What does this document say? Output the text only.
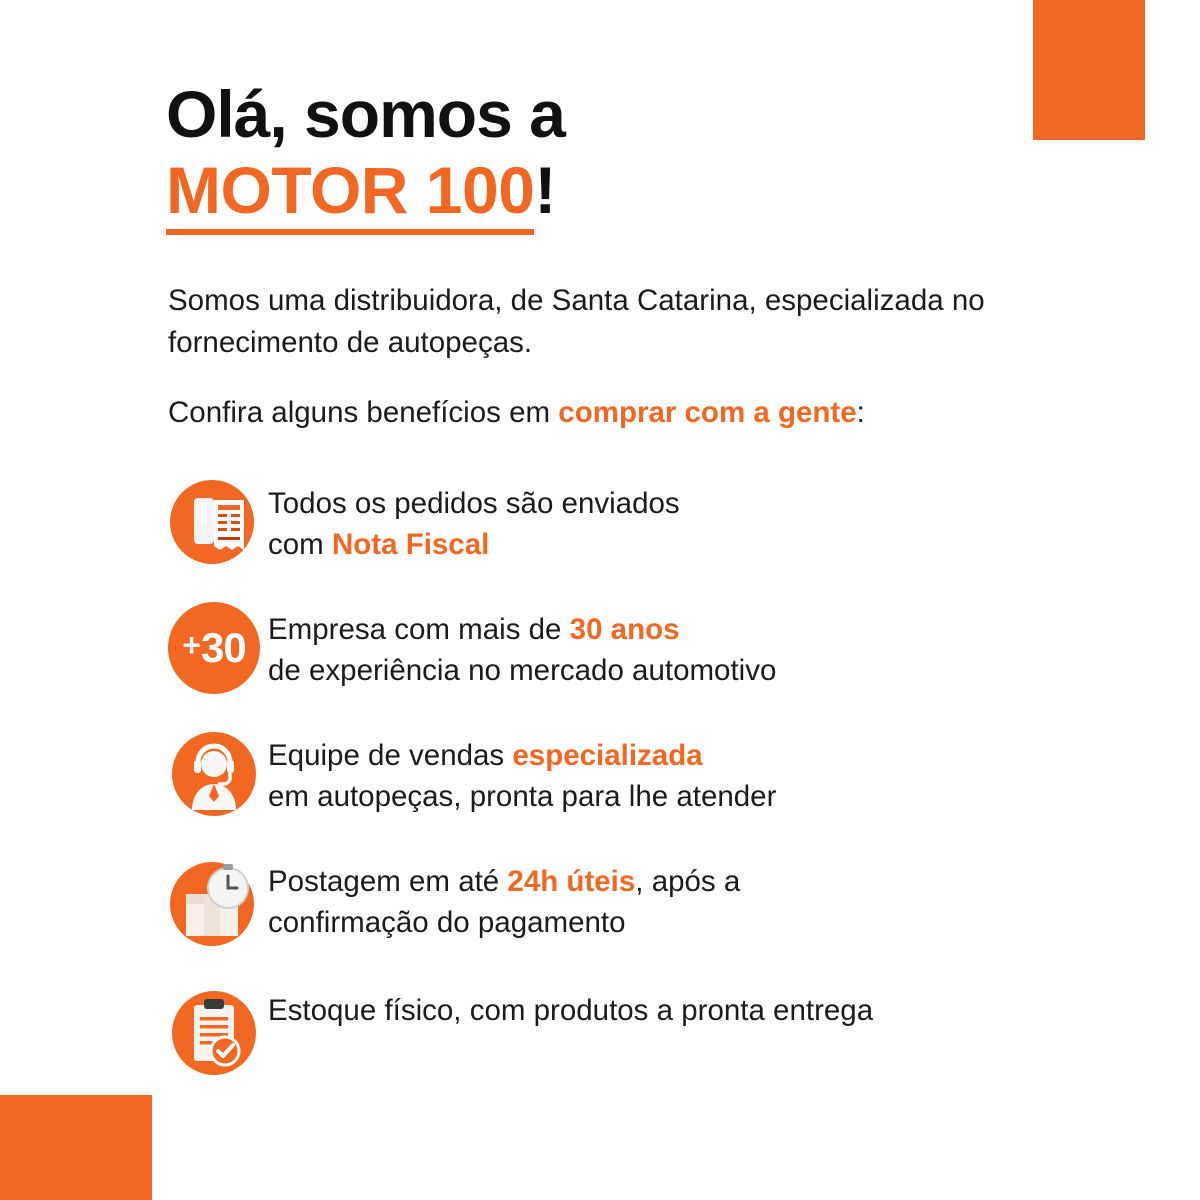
Olá, somos a
MOTOR 100!
Somos uma distribuidora, de Santa Catarina, especializada no fornecimento de autopeças.
Confira alguns benefícios em comprar com a gente:
Todos os pedidos são enviados
com Nota Fiscal
+ 30 Empresa com mais de 30 anos
de experiência no mercado automotivo
Equipe de vendas especializada
em autopeças, pronta para lhe atender
Postagem em até 24h úteis, após a
confirmação do pagamento
Estoque físico, com produtos a pronta entrega
